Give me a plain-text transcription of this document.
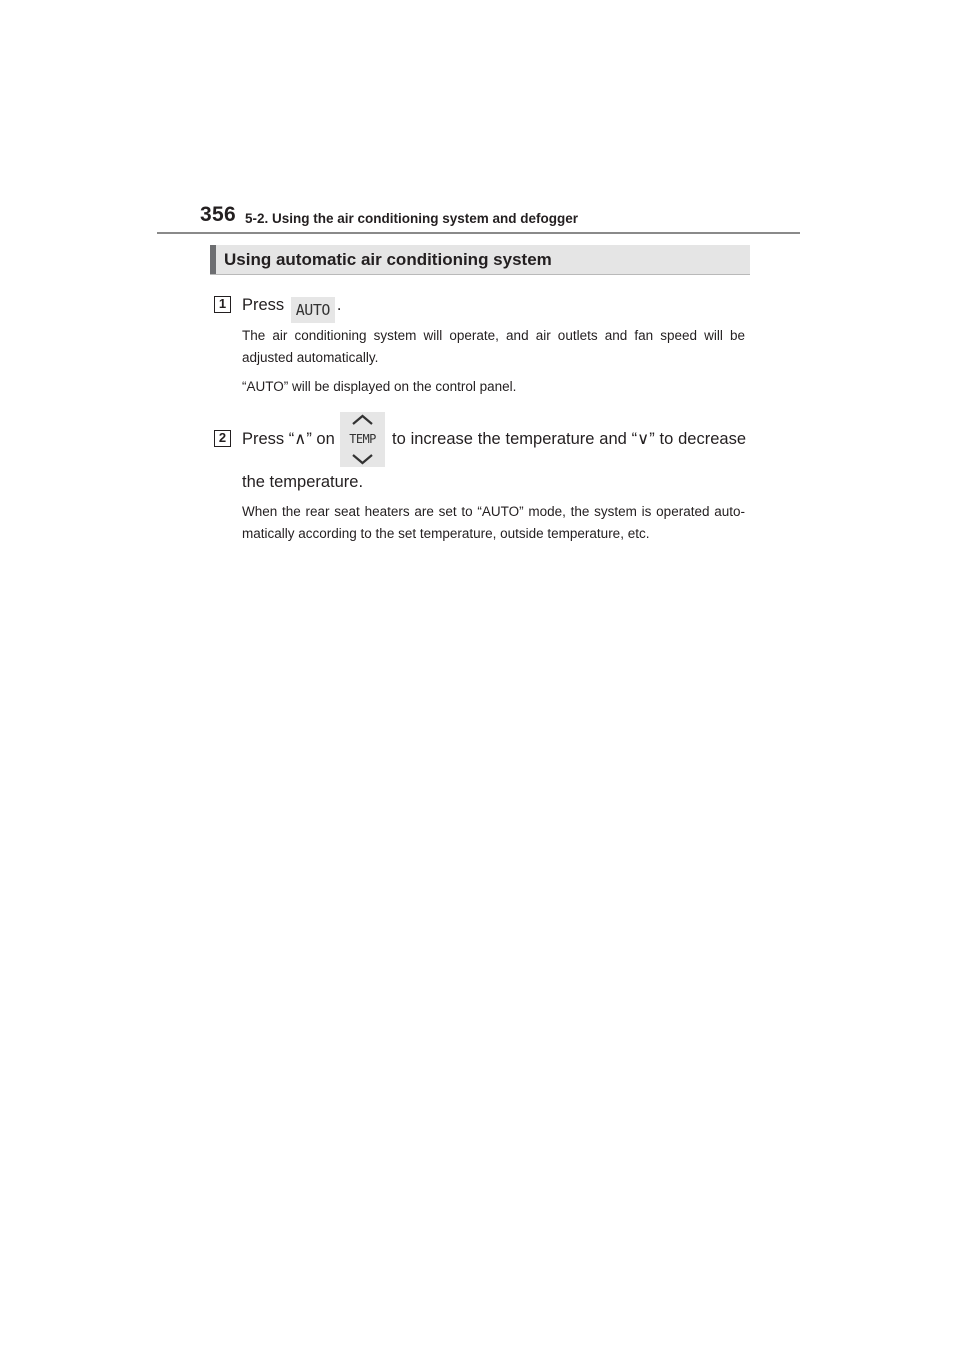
356 5-2. Using the air conditioning system and defogger
Using automatic air conditioning system
1 Press AUTO .
The air conditioning system will operate, and air outlets and fan speed will be adjusted automatically.
“AUTO” will be displayed on the control panel.
2 Press “∧” on	TEMP to increase the temperature and “∨” to decrease
the temperature.
When the rear seat heaters are set to “AUTO” mode, the system is operated auto-matically according to the set temperature, outside temperature, etc.
